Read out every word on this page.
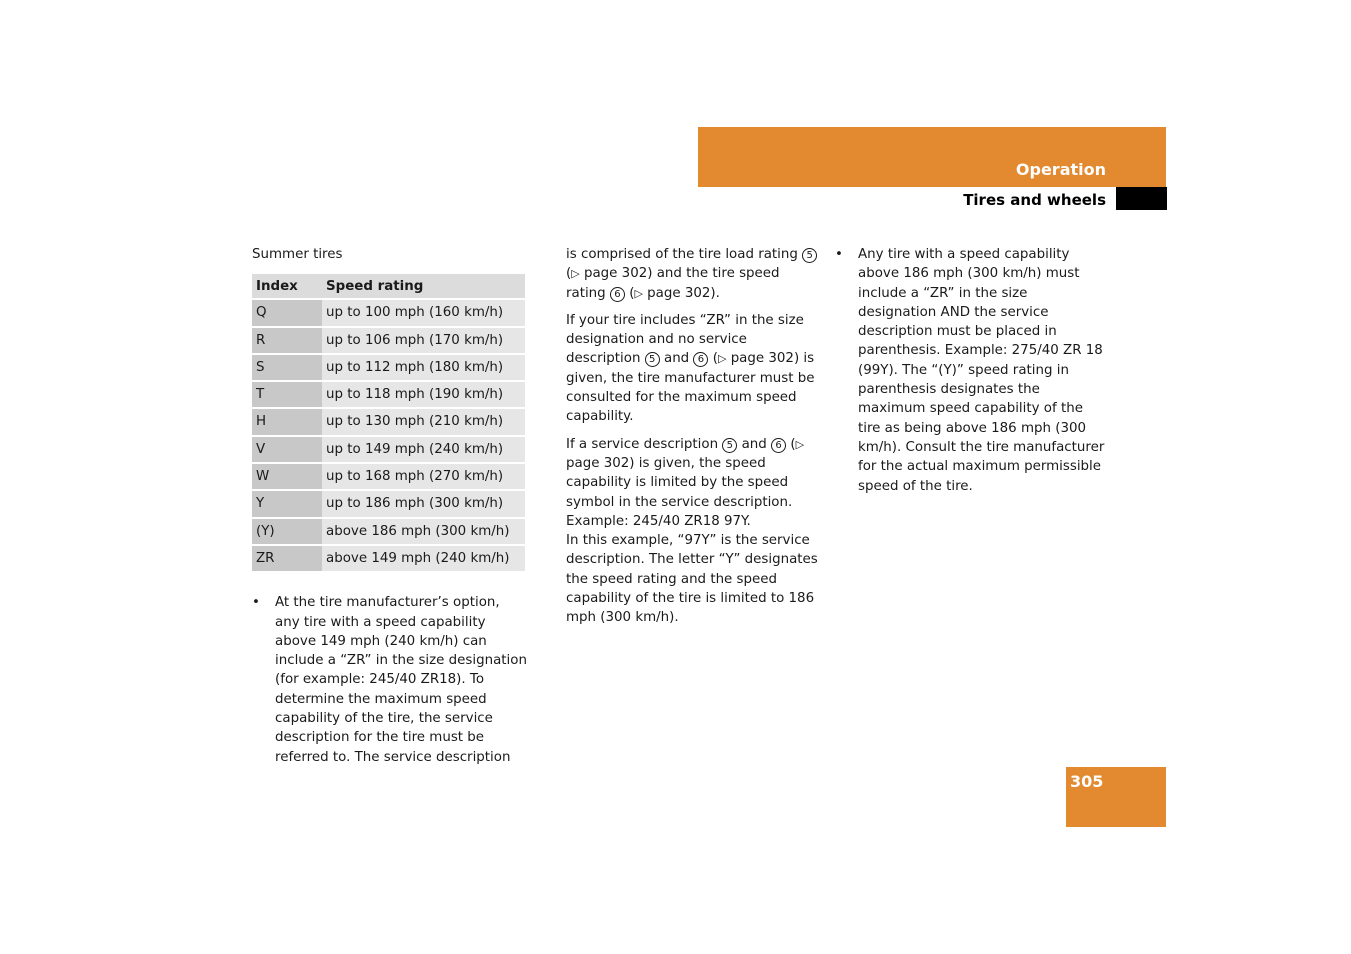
Operation
Tires and wheels
Summer tires
Index	Speed rating
Q	up to 100 mph (160 km/h)
R	up to 106 mph (170 km/h)
S	up to 112 mph (180 km/h)
T	up to 118 mph (190 km/h)
H	up to 130 mph (210 km/h)
V	up to 149 mph (240 km/h)
W	up to 168 mph (270 km/h)
Y	up to 186 mph (300 km/h)
(Y)	above 186 mph (300 km/h)
ZR	above 149 mph (240 km/h)
• At the tire manufacturer’s option, any tire with a speed capability above 149 mph (240 km/h) can include a “ZR” in the size designation (for example: 245/40 ZR18). To determine the maximum speed capability of the tire, the service description for the tire must be referred to. The service description

is comprised of the tire load rating 5 (▷ page 302) and the tire speed rating 6 (▷ page 302).

If your tire includes “ZR” in the size designation and no service description 5 and 6 (▷ page 302) is given, the tire manufacturer must be consulted for the maximum speed capability.

If a service description 5 and 6 (▷ page 302) is given, the speed capability is limited by the speed symbol in the service description.
Example: 245/40 ZR18 97Y.
In this example, “97Y” is the service description. The letter “Y” designates the speed rating and the speed capability of the tire is limited to 186 mph (300 km/h).

• Any tire with a speed capability above 186 mph (300 km/h) must include a “ZR” in the size designation AND the service description must be placed in parenthesis. Example: 275/40 ZR 18 (99Y). The “(Y)” speed rating in parenthesis designates the maximum speed capability of the tire as being above 186 mph (300 km/h). Consult the tire manufacturer for the actual maximum permissible speed of the tire.
305
